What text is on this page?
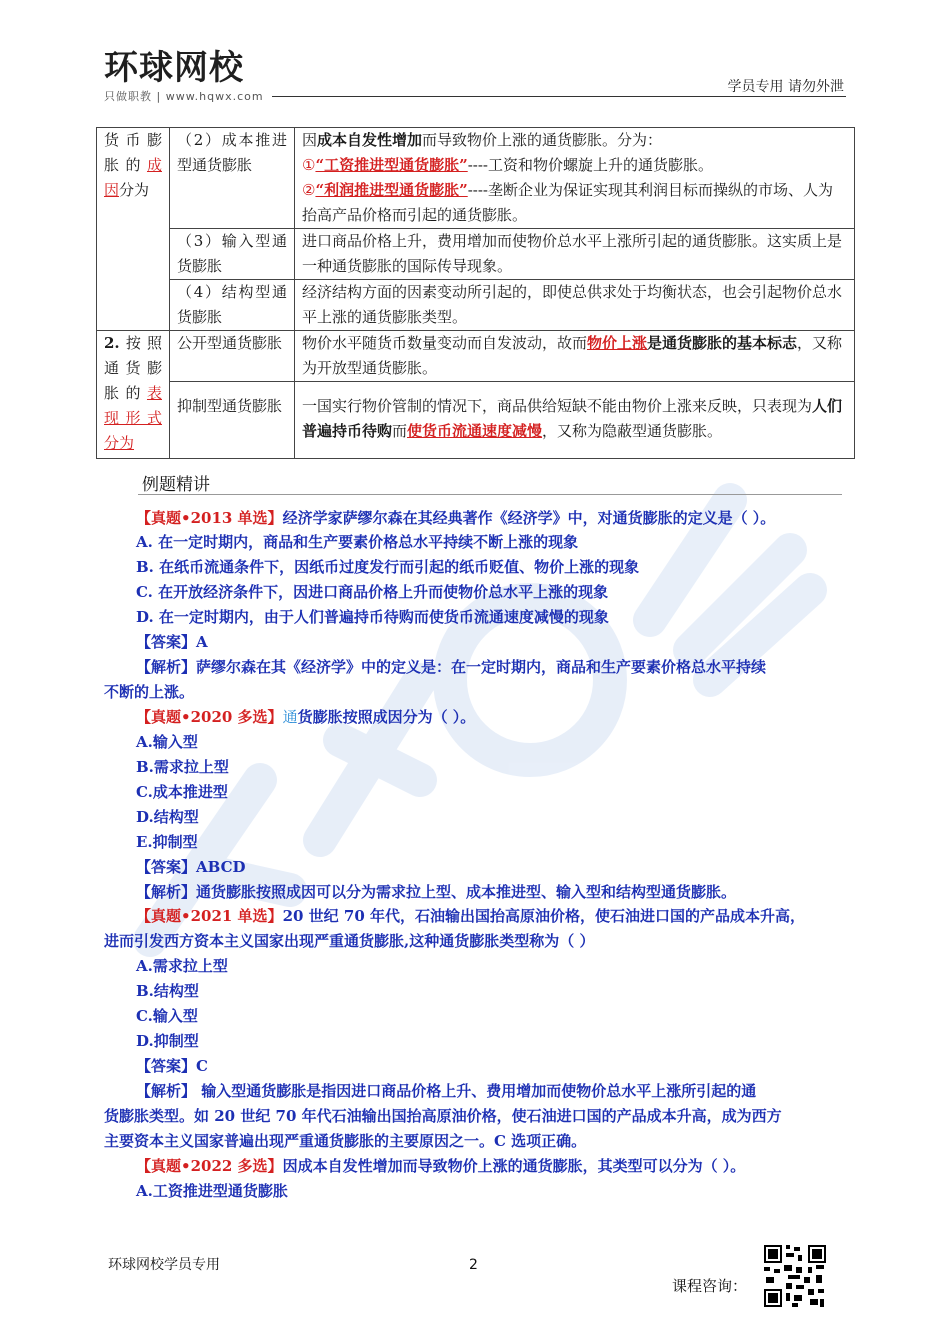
环球网校
只做职教 | www.hqwx.com
学员专用 请勿外泄
货币膨胀的成因分为	（2）成本推进型通货膨胀	因成本自发性增加而导致物价上涨的通货膨胀。分为：
①“工资推进型通货膨胀”----工资和物价螺旋上升的通货膨胀。
②“利润推进型通货膨胀”----垄断企业为保证实现其利润目标而操纵的市场、人为抬高产品价格而引起的通货膨胀。

	（3）输入型通货膨胀	进口商品价格上升，费用增加而使物价总水平上涨所引起的通货膨胀。这实质上是一种通货膨胀的国际传导现象。
	（4）结构型通货膨胀	经济结构方面的因素变动所引起的，即使总供求处于均衡状态，也会引起物价总水平上涨的通货膨胀类型。
2.按照通货膨胀的表现形式分为	公开型通货膨胀	物价水平随货币数量变动而自发波动，故而物价上涨是通货膨胀的基本标志，又称为开放型通货膨胀。
	抑制型通货膨胀	一国实行物价管制的情况下，商品供给短缺不能由物价上涨来反映，只表现为人们普遍持币待购而使货币流通速度减慢，又称为隐蔽型通货膨胀。
例题精讲
【真题•2013 单选】经济学家萨缪尔森在其经典著作《经济学》中，对通货膨胀的定义是（ ）。
A. 在一定时期内，商品和生产要素价格总水平持续不断上涨的现象
B. 在纸币流通条件下，因纸币过度发行而引起的纸币贬值、物价上涨的现象
C. 在开放经济条件下，因进口商品价格上升而使物价总水平上涨的现象
D. 在一定时期内，由于人们普遍持币待购而使货币流通速度减慢的现象
【答案】A
【解析】萨缪尔森在其《经济学》中的定义是：在一定时期内，商品和生产要素价格总水平持续
不断的上涨。
【真题•2020 多选】通货膨胀按照成因分为（ ）。
A.输入型
B.需求拉上型
C.成本推进型
D.结构型
E.抑制型
【答案】ABCD
【解析】通货膨胀按照成因可以分为需求拉上型、成本推进型、输入型和结构型通货膨胀。
【真题•2021 单选】20 世纪 70 年代，石油输出国抬高原油价格，使石油进口国的产品成本升高，
进而引发西方资本主义国家出现严重通货膨胀,这种通货膨胀类型称为（ ）
A.需求拉上型
B.结构型
C.输入型
D.抑制型
【答案】C
【解析】 输入型通货膨胀是指因进口商品价格上升、费用增加而使物价总水平上涨所引起的通
货膨胀类型。如 20 世纪 70 年代石油输出国抬高原油价格，使石油进口国的产品成本升高，成为西方
主要资本主义国家普遍出现严重通货膨胀的主要原因之一。C 选项正确。
【真题•2022 多选】因成本自发性增加而导致物价上涨的通货膨胀，其类型可以分为（ ）。
A.工资推进型通货膨胀
环球网校学员专用	2
课程咨询：
